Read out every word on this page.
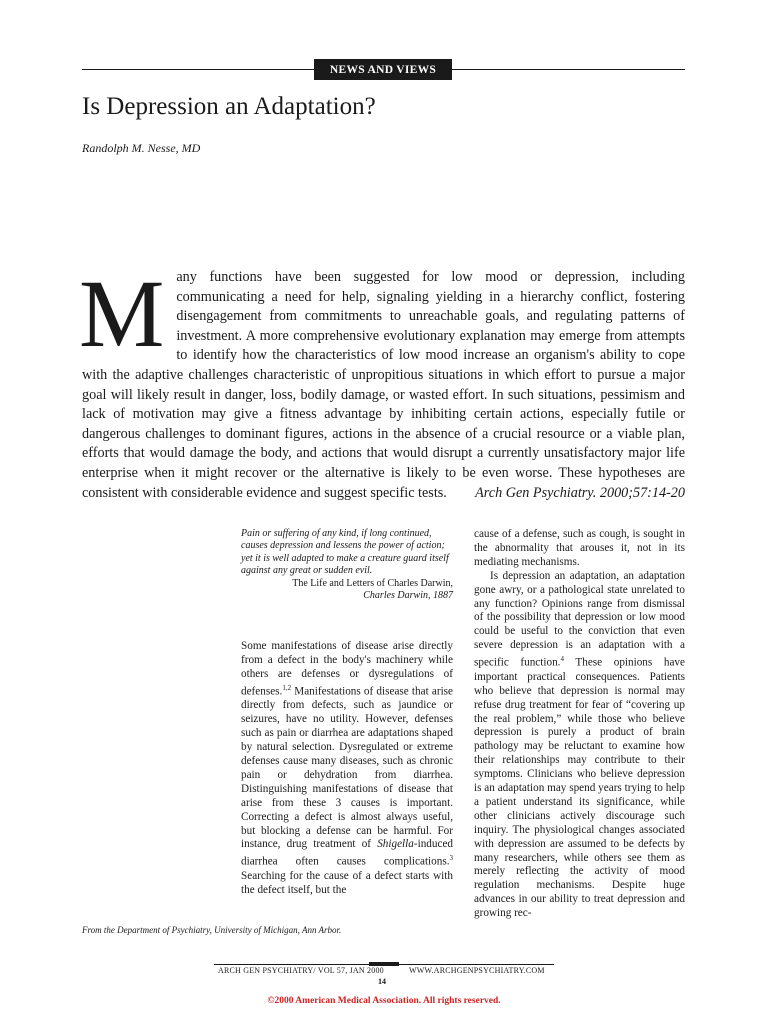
NEWS AND VIEWS
Is Depression an Adaptation?
Randolph M. Nesse, MD
Many functions have been suggested for low mood or depression, including communicating a need for help, signaling yielding in a hierarchy conflict, fostering disengagement from commitments to unreachable goals, and regulating patterns of investment. A more comprehensive evolutionary explanation may emerge from attempts to identify how the characteristics of low mood increase an organism's ability to cope with the adaptive challenges characteristic of unpropitious situations in which effort to pursue a major goal will likely result in danger, loss, bodily damage, or wasted effort. In such situations, pessimism and lack of motivation may give a fitness advantage by inhibiting certain actions, especially futile or dangerous challenges to dominant figures, actions in the absence of a crucial resource or a viable plan, efforts that would damage the body, and actions that would disrupt a currently unsatisfactory major life enterprise when it might recover or the alternative is likely to be even worse. These hypotheses are consistent with considerable evidence and suggest specific tests. Arch Gen Psychiatry. 2000;57:14-20
Pain or suffering of any kind, if long continued, causes depression and lessens the power of action; yet it is well adapted to make a creature guard itself against any great or sudden evil.
The Life and Letters of Charles Darwin,
Charles Darwin, 1887

Some manifestations of disease arise directly from a defect in the body's machinery while others are defenses or dysregulations of defenses.$^{1,2}$ Manifestations of disease that arise directly from defects, such as jaundice or seizures, have no utility. However, defenses such as pain or diarrhea are adaptations shaped by natural selection. Dysregulated or extreme defenses cause many diseases, such as chronic pain or dehydration from diarrhea. Distinguishing manifestations of disease that arise from these 3 causes is important. Correcting a defect is almost always useful, but blocking a defense can be harmful. For instance, drug treatment of Shigella-induced diarrhea often causes complications.$^3$ Searching for the cause of a defect starts with the defect itself, but the

cause of a defense, such as cough, is sought in the abnormality that arouses it, not in its mediating mechanisms.

Is depression an adaptation, an adaptation gone awry, or a pathological state unrelated to any function? Opinions range from dismissal of the possibility that depression or low mood could be useful to the conviction that even severe depression is an adaptation with a specific function.$^4$ These opinions have important practical consequences. Patients who believe that depression is normal may refuse drug treatment for fear of “covering up the real problem,” while those who believe depression is purely a product of brain pathology may be reluctant to examine how their relationships may contribute to their symptoms. Clinicians who believe depression is an adaptation may spend years trying to help a patient understand its significance, while other clinicians actively discourage such inquiry. The physiological changes associated with depression are assumed to be defects by many researchers, while others see them as merely reflecting the activity of mood regulation mechanisms. Despite huge advances in our ability to treat depression and growing rec-

From the Department of Psychiatry, University of Michigan, Ann Arbor.
ARCH GEN PSYCHIATRY/ VOL 57, JAN 2000	WWW.ARCHGENPSYCHIATRY.COM
14
©2000 American Medical Association. All rights reserved.
